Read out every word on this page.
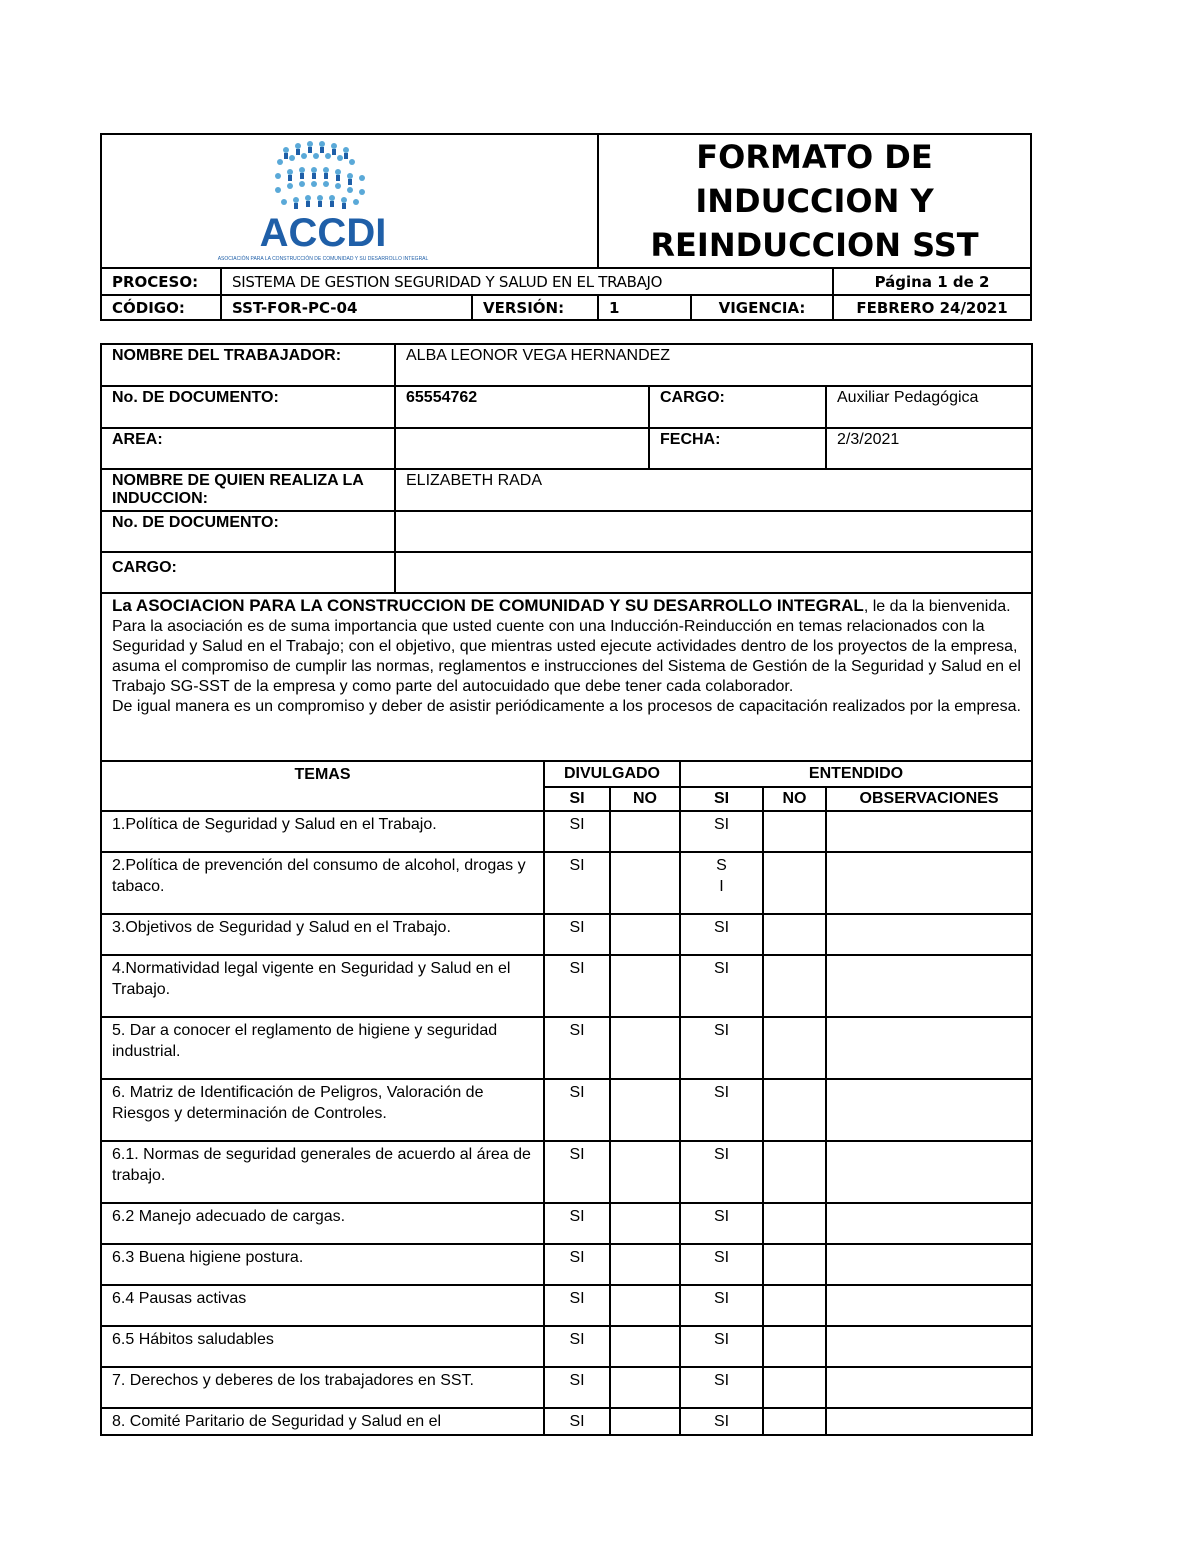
			FORMATO DE INDUCCION Y
REINDUCCION SST		

PROCESO:	SISTEMA DE GESTION SEGURIDAD Y SALUD EN EL TRABAJO				Página 1 de 2
CÓDIGO:	SST-FOR-PC-04	VERSIÓN:	1	VIGENCIA:	FEBRERO 24/2021
ACCDI
ASOCIACIÓN PARA LA CONSTRUCCIÓN DE COMUNIDAD Y SU DESARROLLO INTEGRAL
NOMBRE DEL TRABAJADOR:	ALBA LEONOR VEGA HERNANDEZ		
No. DE DOCUMENTO:	65554762	CARGO:	Auxiliar Pedagógica
AREA:		FECHA:	2/3/2021
NOMBRE DE QUIEN REALIZA LA INDUCCION:	ELIZABETH RADA		
No. DE DOCUMENTO:			
CARGO:			
La ASOCIACION PARA LA CONSTRUCCION DE COMUNIDAD Y SU DESARROLLO INTEGRAL, le da la bienvenida. Para la asociación es de suma importancia que usted cuente con una Inducción-Reinducción en temas relacionados con la Seguridad y Salud en el Trabajo; con el objetivo, que mientras usted ejecute actividades dentro de los proyectos de la empresa, asuma el compromiso de cumplir las normas, reglamentos e instrucciones del Sistema de Gestión de la Seguridad y Salud en el Trabajo SG-SST de la empresa y como parte del autocuidado que debe tener cada colaborador.
De igual manera es un compromiso y deber de asistir periódicamente a los procesos de capacitación realizados por la empresa.			
TEMAS	DIVULGADO		ENTENDIDO		
	SI	NO	SI	NO	OBSERVACIONES
1.Política de Seguridad y Salud en el Trabajo.	SI		SI		
2.Política de prevención del consumo de alcohol, drogas y tabaco.	SI		S
I		
3.Objetivos de Seguridad y Salud en el Trabajo.	SI		SI		
4.Normatividad legal vigente en Seguridad y Salud en el Trabajo.	SI		SI		
5. Dar a conocer el reglamento de higiene y seguridad industrial.	SI		SI		
6. Matriz de Identificación de Peligros, Valoración de Riesgos y determinación de Controles.	SI		SI		
6.1. Normas de seguridad generales de acuerdo al área de trabajo.	SI		SI		
6.2 Manejo adecuado de cargas.	SI		SI		
6.3 Buena higiene postura.	SI		SI		
6.4 Pausas activas	SI		SI		
6.5 Hábitos saludables	SI		SI		
7. Derechos y deberes de los trabajadores en SST.	SI		SI		
8. Comité Paritario de Seguridad y Salud en el	SI		SI		
